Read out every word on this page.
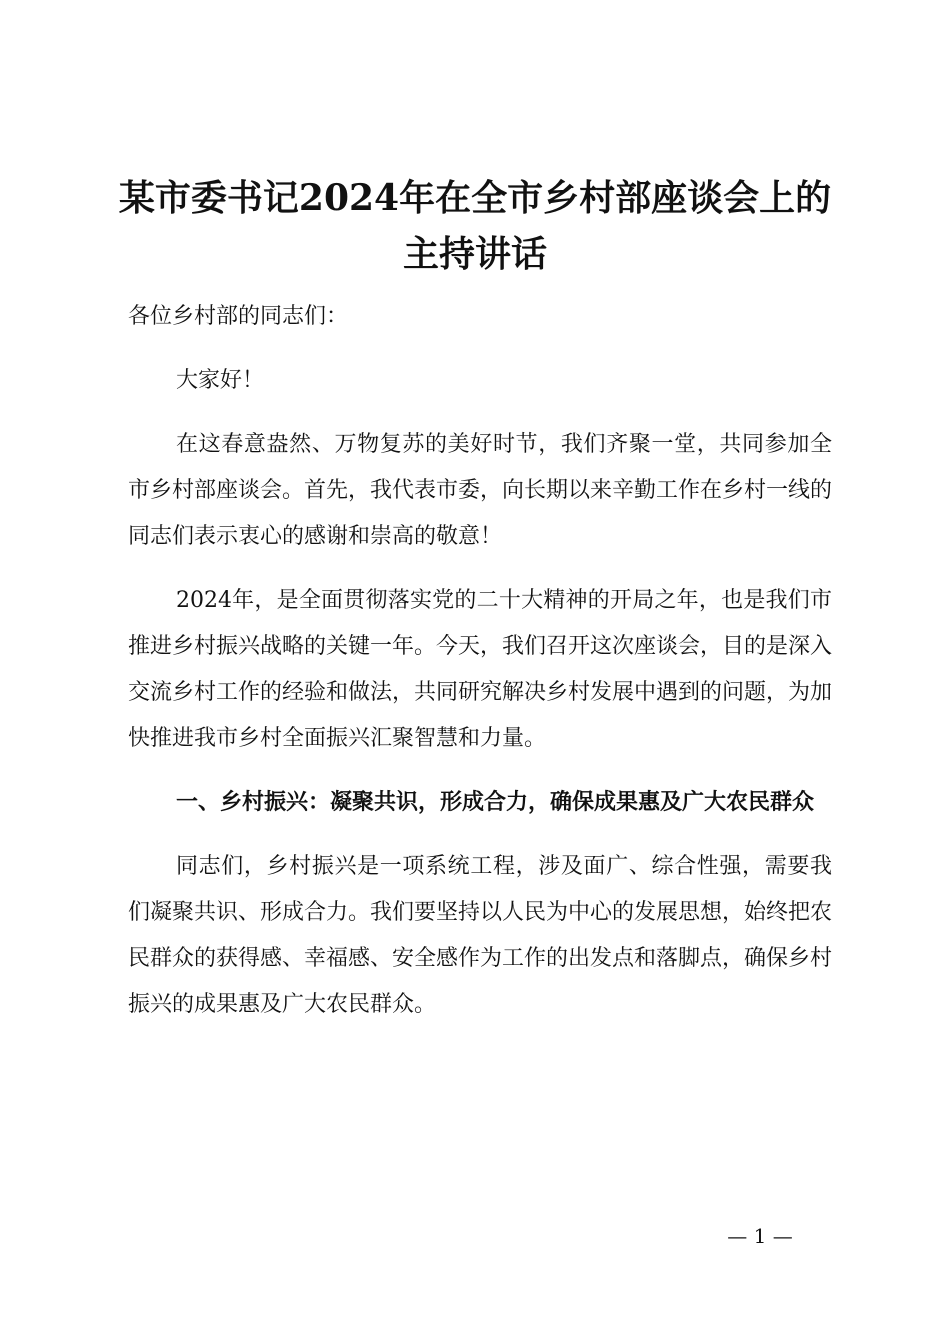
某市委书记2024年在全市乡村部座谈会上的
主持讲话

各位乡村部的同志们：

大家好！

在这春意盎然、万物复苏的美好时节，我们齐聚一堂，共同参加全市乡村部座谈会。首先，我代表市委，向长期以来辛勤工作在乡村一线的同志们表示衷心的感谢和崇高的敬意！

2024年，是全面贯彻落实党的二十大精神的开局之年，也是我们市推进乡村振兴战略的关键一年。今天，我们召开这次座谈会，目的是深入交流乡村工作的经验和做法，共同研究解决乡村发展中遇到的问题，为加快推进我市乡村全面振兴汇聚智慧和力量。

一、乡村振兴：凝聚共识，形成合力，确保成果惠及广大农民群众

同志们，乡村振兴是一项系统工程，涉及面广、综合性强，需要我们凝聚共识、形成合力。我们要坚持以人民为中心的发展思想，始终把农民群众的获得感、幸福感、安全感作为工作的出发点和落脚点，确保乡村振兴的成果惠及广大农民群众。

— 1 —
